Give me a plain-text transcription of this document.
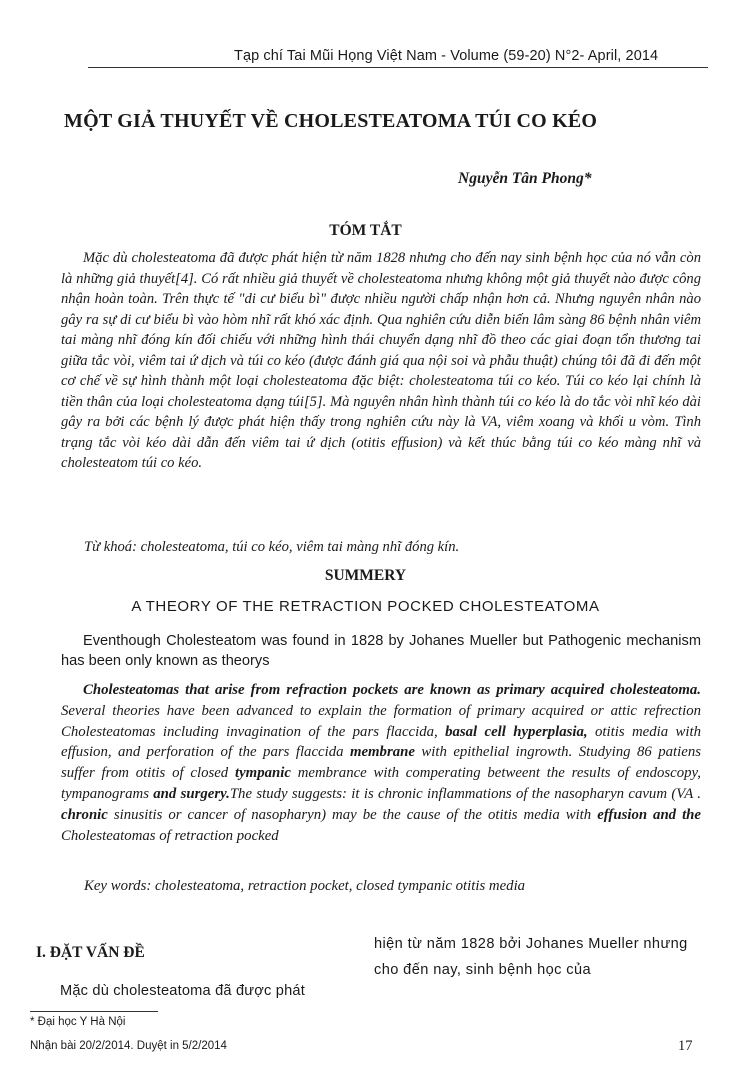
Tạp chí Tai Mũi Họng Việt Nam - Volume (59-20) N°2- April, 2014
MỘT GIẢ THUYẾT VỀ CHOLESTEATOMA TÚI CO KÉO
Nguyễn Tân Phong*
TÓM TẮT

Mặc dù cholesteatoma đã được phát hiện từ năm 1828 nhưng cho đến nay sinh bệnh học của nó vẫn còn là những giả thuyết[4]. Có rất nhiều giả thuyết về cholesteatoma nhưng không một giả thuyết nào được công nhận hoàn toàn. Trên thực tế "di cư biểu bì" được nhiều người chấp nhận hơn cả. Nhưng nguyên nhân nào gây ra sự di cư biểu bì vào hòm nhĩ rất khó xác định. Qua nghiên cứu diễn biến lâm sàng 86 bệnh nhân viêm tai màng nhĩ đóng kín đối chiếu với những hình thái chuyển dạng nhĩ đồ theo các giai đoạn tổn thương tai giữa tắc vòi, viêm tai ứ dịch và túi co kéo (được đánh giá qua nội soi và phẫu thuật) chúng tôi đã đi đến một cơ chế về sự hình thành một loại cholesteatoma đặc biệt: cholesteatoma túi co kéo. Túi co kéo lại chính là tiền thân của loại cholesteatoma dạng túi[5]. Mà nguyên nhân hình thành túi co kéo là do tắc vòi nhĩ kéo dài gây ra bởi các bệnh lý được phát hiện thấy trong nghiên cứu này là VA, viêm xoang và khối u vòm. Tình trạng tắc vòi kéo dài dẫn đến viêm tai ứ dịch (otitis effusion) và kết thúc bằng túi co kéo màng nhĩ và cholesteatom túi co kéo.

Từ khoá: cholesteatoma, túi co kéo, viêm tai màng nhĩ đóng kín.
SUMMERY
A THEORY OF THE RETRACTION POCKED CHOLESTEATOMA

Eventhough Cholesteatom was found in 1828 by Johanes Mueller but Pathogenic mechanism has been only known as theorys

Cholesteatomas that arise from refraction pockets are known as primary acquired cholesteatoma. Several theories have been advanced to explain the formation of primary acquired or attic refrection Cholesteatomas including invagination of the pars flaccida, basal cell hyperplasia, otitis media with effusion, and perforation of the pars flaccida membrane with epithelial ingrowth. Studying 86 patiens suffer from otitis of closed tympanic membrance with comperating betweent the results of endoscopy, tympanograms and surgery.The study suggests: it is chronic inflammations of the nasopharyn cavum (VA . chronic sinusitis or cancer of nasopharyn) may be the cause of the otitis media with effusion and the Cholesteatomas of retraction pocked

Key words: cholesteatoma, retraction pocket, closed tympanic otitis media
I. ĐẶT VẤN ĐỀ
Mặc dù cholesteatoma đã được phát
hiện từ năm 1828 bởi Johanes Mueller nhưng cho đến nay, sinh bệnh học của
* Đại học Y Hà Nội
Nhận bài 20/2/2014. Duyệt in 5/2/2014	17
